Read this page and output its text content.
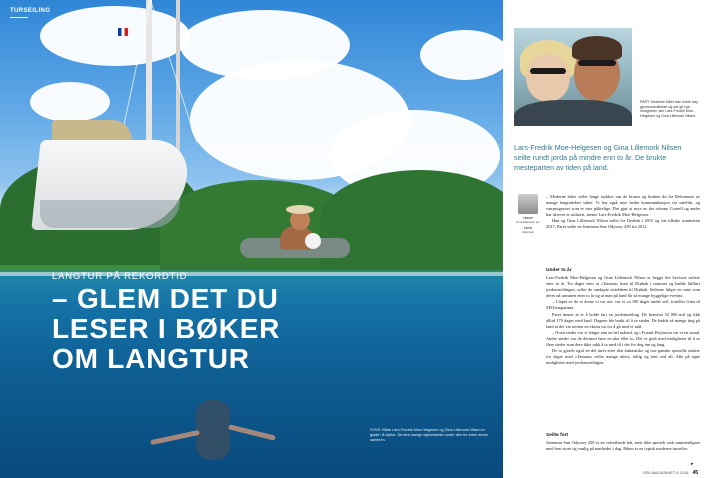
TURSEILING
LANGTUR PÅ REKORDTID
– GLEM DET DU
LESER I BØKER
OM LANGTUR
SYKE: Både Lars-Fredrik Moe-Helgesen og Gina Lillemork Nilsen er glade i å dykke. De fant mange dykkesteder under den tre turen deres sammen.
PART: Moderne båter kan holde høy gjennomsnittsfart og det gir nye muligheter, sier Lars-Fredrik Moe-Helgesen og Gina Lillemork Nilsen.
Lars-Fredrik Moe-Helgesen og Gina Lillemork Nilsen seilte rundt jorda på mindre enn to år. De brukte mesteparten av tiden på land.
TEKST
Knut Hikmann Lie
FOTO
Lillemork

– Moderne båter seiler lange stykker om de bruses og bruken du fra Reformøre av mange langturbåter sakte. Vi har også mye bedre kommunikasjon via satellitt, og værprognoser som er mer pålitelige. Det gjør at mye av det erfarne Cornell og andre har skrevet er utdatert, mener Lars-Fredrik Moe-Helgesen.

Han og Gina Lillemork Nilsen seilte fra Drøbak i 2015 og var tilbake sommeren 2017. Paret seilte en Jeanneau Sun Odyssey 439 fra 2012.

Under to år

Lars-Fredrik Moe-Helgesen og Gina Lillemork Nilsen er begge lite bevisste seilere etter to år. Tre dager etter at «Tamara» kom til Drøbak i sommer og hadde fullført jordomseilingen, seiler de omdøpte sistebåten til Drøbak. Seilerne følger en vane som deres nå sammen etter to år og at man på land får så mange hyggelige eventyr.

– I løpet av de to årene vi var ute, var vi ca 180 dager under seil, forteller Gina til SEILmagasinet.

Paret mener at er å holde fart en jordomseiling. De benyttet 52 000 mil og fikk alltid 170 dager med land. Dagene ble brukt til å se steder. De hadde så mange ting på land at det var nesten en ekstra tur for å gå med et mål.

– Noen steder var vi lenger enn en hel måned, og i Fransk Polynesia var vi en stund. Andre steder var de derimot bare en uke eller to. Det er godt med muligheter til å se flere steder som dere ikke rakk å ta med til i det for deg inn og lang.

De to gjorde også en del turer etter den fantastiske og noe ganske spesielle ønsker for dager med «Tamara» seiler mange ukers, tidlig og sent ved alt. Alle på egne muligheter med jordomseilingen.

Seilte fort

Jeanneau Sun Odyssey 439 er en velseilende båt, men ikke spesielt rask sammenlignet med fem store og vanlig på markedet i dag. Båten er en typisk moderne turseiler.

▸
SEILMAGASINET 4 2018 45
